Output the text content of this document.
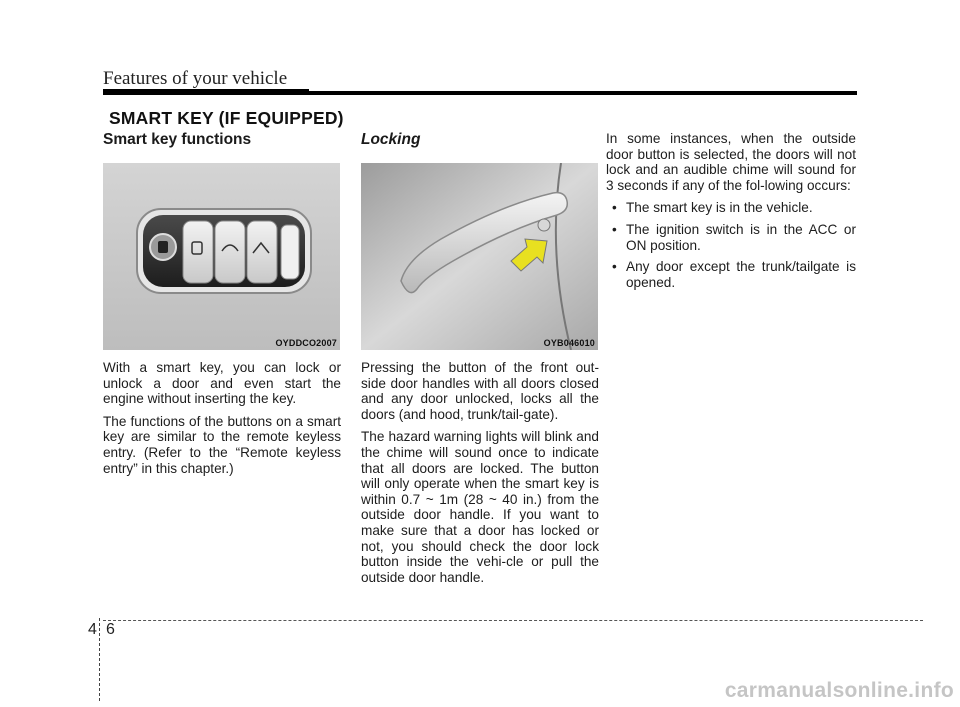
Features of your vehicle
SMART KEY (IF EQUIPPED)
Smart key functions
OYDDCO2007

With a smart key, you can lock or unlock a door and even start the engine without inserting the key.

The functions of the buttons on a smart key are similar to the remote keyless entry. (Refer to the “Remote keyless entry” in this chapter.)

Locking
OYB046010

Pressing the button of the front out-side door handles with all doors closed and any door unlocked, locks all the doors (and hood, trunk/tail-gate).

The hazard warning lights will blink and the chime will sound once to indicate that all doors are locked. The button will only operate when the smart key is within 0.7 ~ 1m (28 ~ 40 in.) from the outside door handle. If you want to make sure that a door has locked or not, you should check the door lock button inside the vehi-cle or pull the outside door handle.

In some instances, when the outside door button is selected, the doors will not lock and an audible chime will sound for 3 seconds if any of the fol-lowing occurs:

• The smart key is in the vehicle.
• The ignition switch is in the ACC or ON position.
• Any door except the trunk/tailgate is opened.
4 6
carmanualsonline.info
